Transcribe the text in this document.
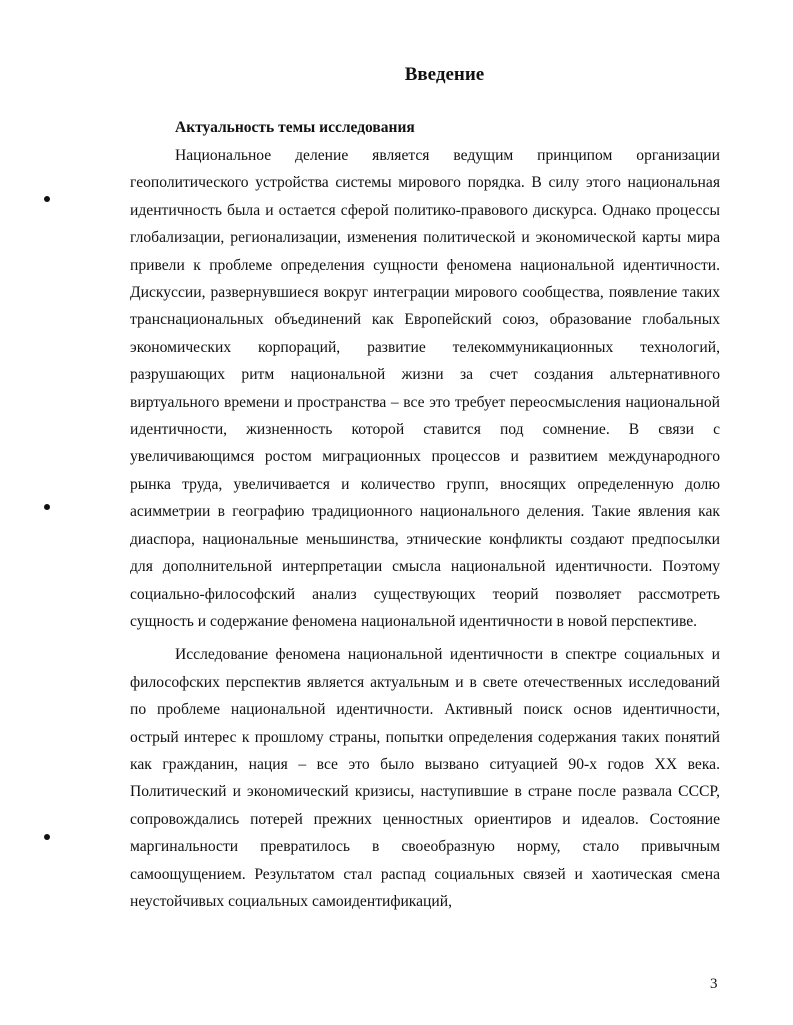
Введение
Актуальность темы исследования

Национальное деление является ведущим принципом организации геополитического устройства системы мирового порядка. В силу этого национальная идентичность была и остается сферой политико-правового дискурса. Однако процессы глобализации, регионализации, изменения политической и экономической карты мира привели к проблеме определения сущности феномена национальной идентичности. Дискуссии, развернувшиеся вокруг интеграции мирового сообщества, появление таких транснациональных объединений как Европейский союз, образование глобальных экономических корпораций, развитие телекоммуникационных технологий, разрушающих ритм национальной жизни за счет создания альтернативного виртуального времени и пространства – все это требует переосмысления национальной идентичности, жизненность которой ставится под сомнение. В связи с увеличивающимся ростом миграционных процессов и развитием международного рынка труда, увеличивается и количество групп, вносящих определенную долю асимметрии в географию традиционного национального деления. Такие явления как диаспора, национальные меньшинства, этнические конфликты создают предпосылки для дополнительной интерпретации смысла национальной идентичности. Поэтому социально-философский анализ существующих теорий позволяет рассмотреть сущность и содержание феномена национальной идентичности в новой перспективе.

Исследование феномена национальной идентичности в спектре социальных и философских перспектив является актуальным и в свете отечественных исследований по проблеме национальной идентичности. Активный поиск основ идентичности, острый интерес к прошлому страны, попытки определения содержания таких понятий как гражданин, нация – все это было вызвано ситуацией 90-х годов XX века. Политический и экономический кризисы, наступившие в стране после развала СССР, сопровождались потерей прежних ценностных ориентиров и идеалов. Состояние маргинальности превратилось в своеобразную норму, стало привычным самоощущением. Результатом стал распад социальных связей и хаотическая смена неустойчивых социальных самоидентификаций,

3
